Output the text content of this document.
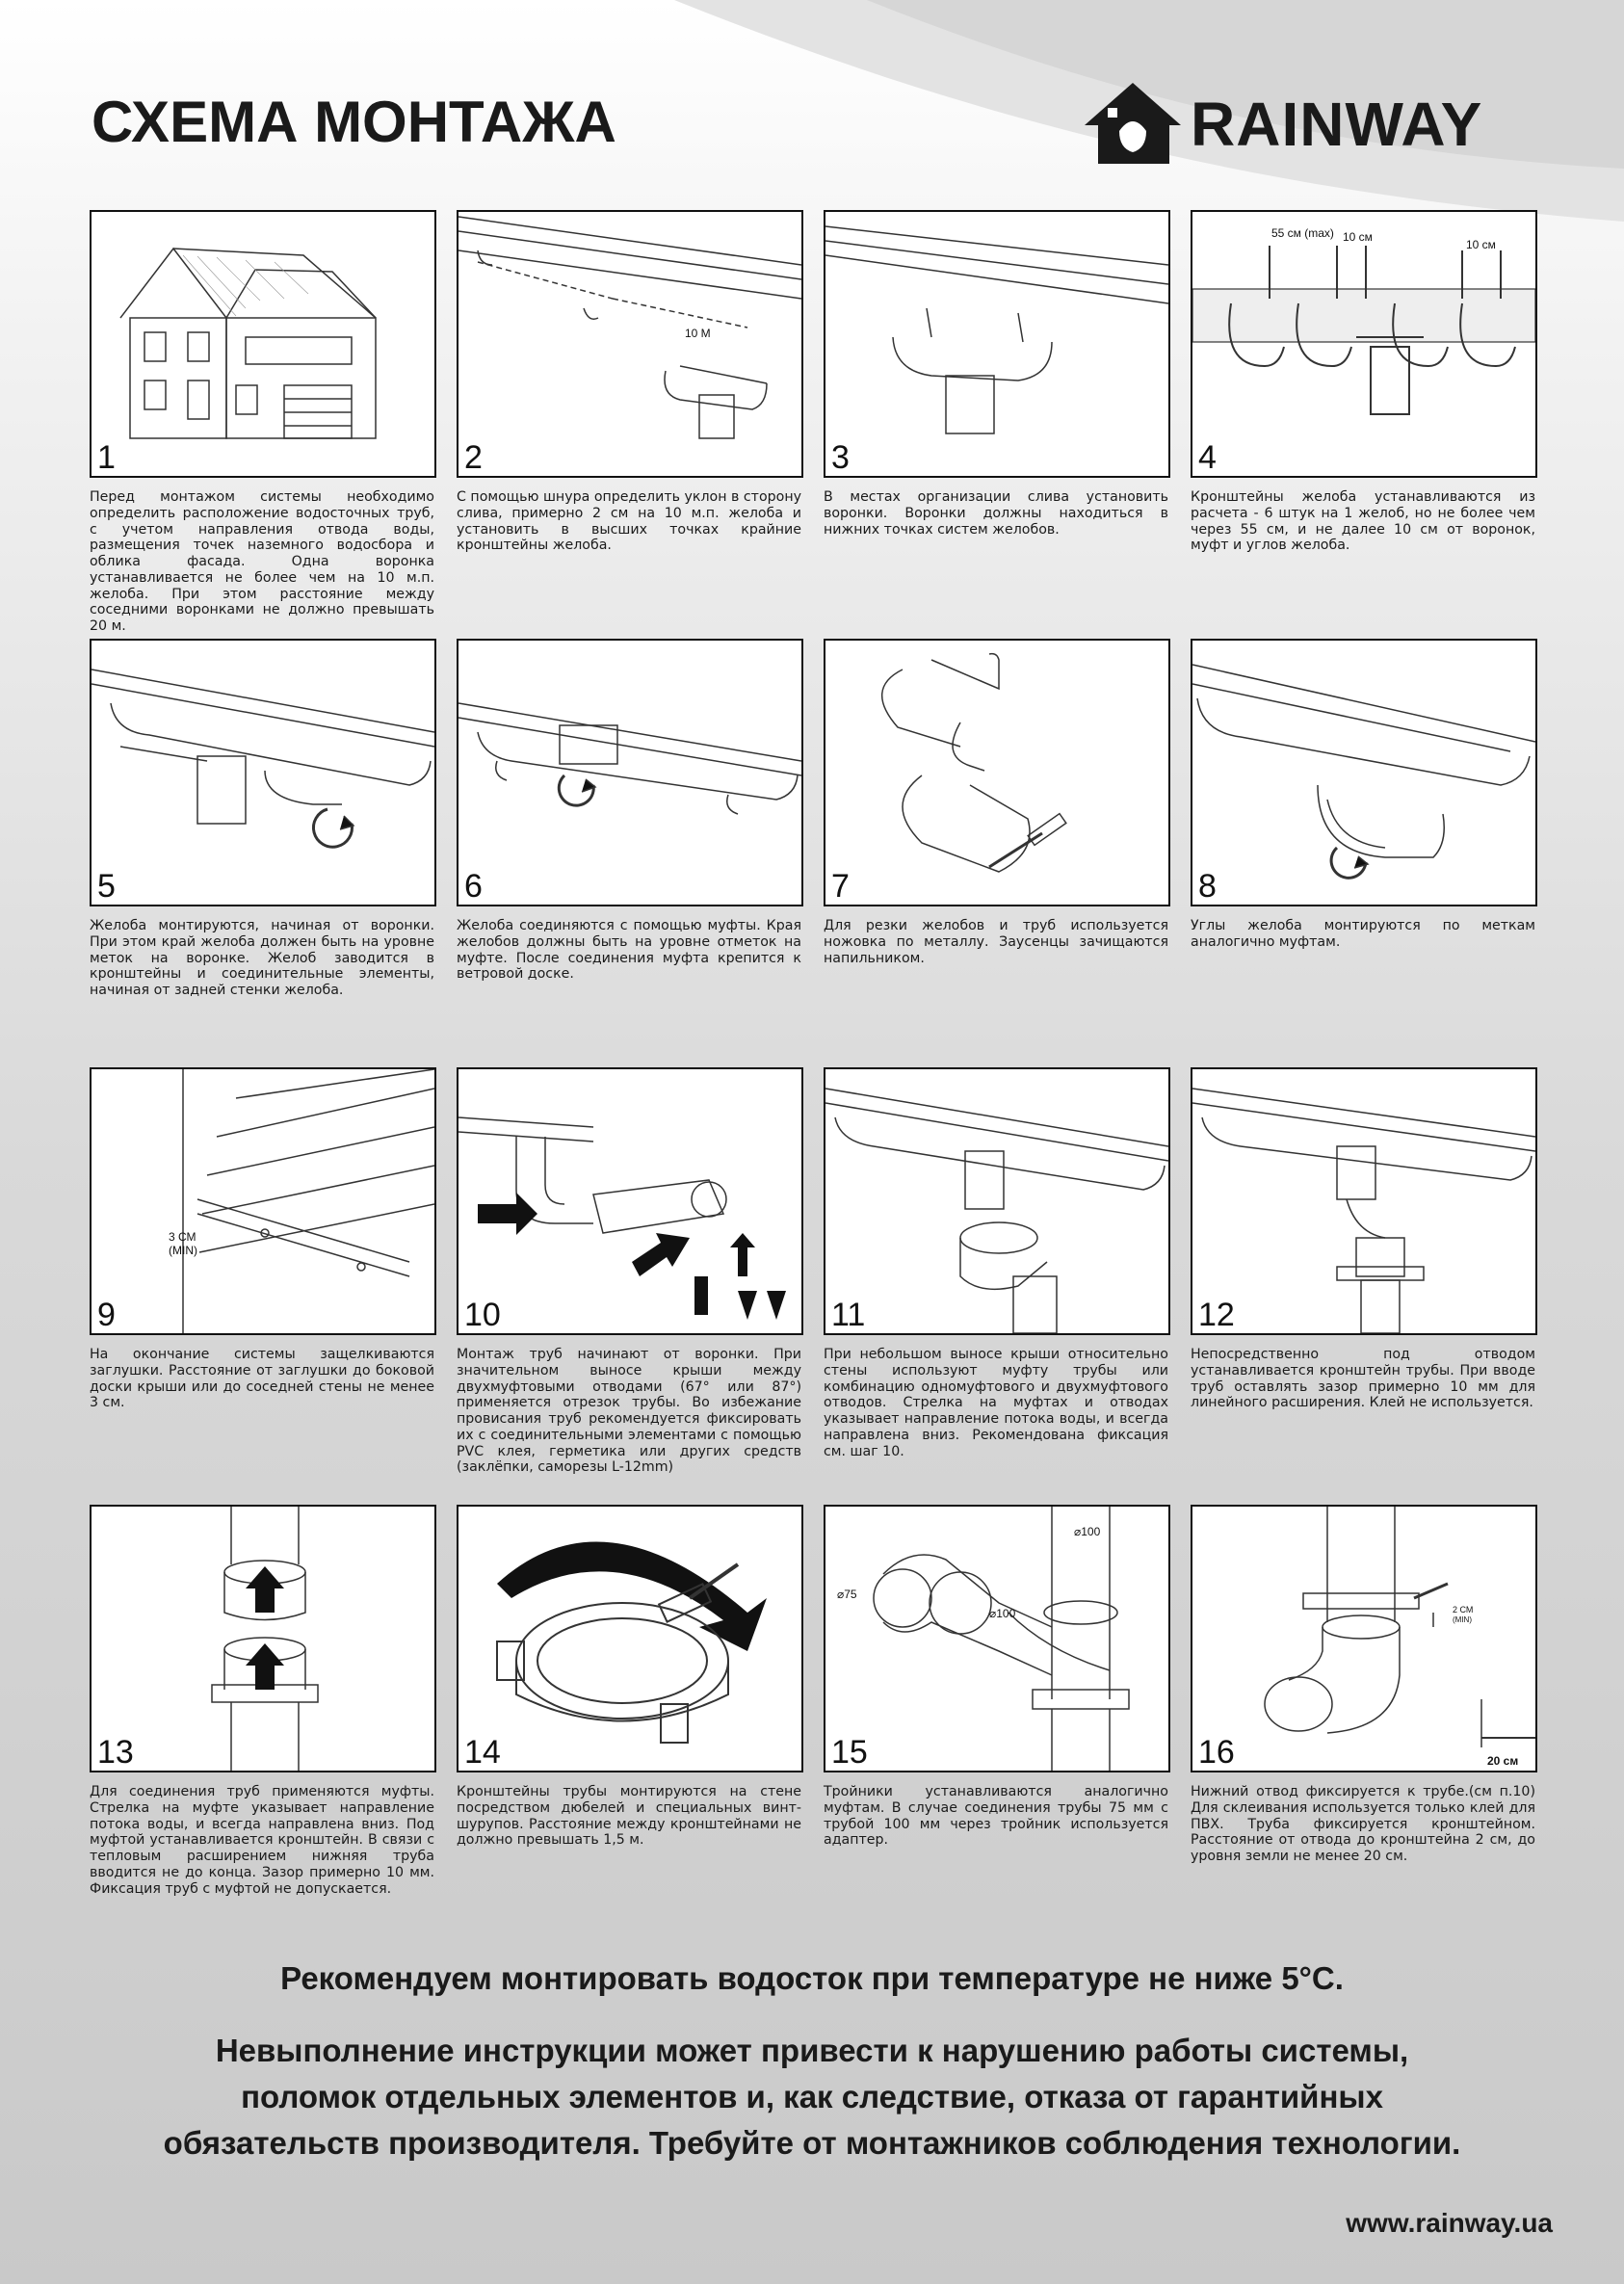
СХЕМА МОНТАЖА	RAINWAY
1

Перед монтажом системы необходимо определить расположение водосточных труб, с учетом направления отвода воды, размещения точек наземного водосбора и облика фасада. Одна воронка устанавливается не более чем на 10 м.п. желоба. При этом расстояние между соседними воронками не должно превышать 20 м.

10 М
2

С помощью шнура определить уклон в сторону слива, примерно 2 см на 10 м.п. желоба и установить в высших точках крайние кронштейны желоба.

3

В местах организации слива установить воронки. Воронки должны находиться в нижних точках систем желобов.

55 см (max) 10 см
10 см
4

Кронштейны желоба устанавливаются из расчета - 6 штук на 1 желоб, но не более чем через 55 см, и не далее 10 см от воронок, муфт и углов желоба.

5

Желоба монтируются, начиная от воронки. При этом край желоба должен быть на уровне меток на воронке. Желоб заводится в кронштейны и соединительные элементы, начиная от задней стенки желоба.

6

Желоба соединяются с помощью муфты. Края желобов должны быть на уровне отметок на муфте. После соединения муфта крепится к ветровой доске.

7

Для резки желобов и труб используется ножовка по металлу. Заусенцы зачищаются напильником.

8

Углы желоба монтируются по меткам аналогично муфтам.

3 СМ
(MIN)
9

На окончание системы защелкиваются заглушки. Расстояние от заглушки до боковой доски крыши или до соседней стены не менее 3 см.

10

Монтаж труб начинают от воронки. При значительном выносе крыши между двухмуфтовыми отводами (67° или 87°) применяется отрезок трубы. Во избежание провисания труб рекомендуется фиксировать их с соединительными элементами с помощью PVC клея, герметика или других средств (заклёпки, саморезы L-12mm)

11

При небольшом выносе крыши относительно стены используют муфту трубы или комбинацию одномуфтового и двухмуфтового отводов. Стрелка на муфтах и отводах указывает направление потока воды, и всегда направлена вниз. Рекомендована фиксация см. шаг 10.

12

Непосредственно под отводом устанавливается кронштейн трубы. При вводе труб оставлять зазор примерно 10 мм для линейного расширения. Клей не используется.

13

Для соединения труб применяются муфты. Стрелка на муфте указывает направление потока воды, и всегда направлена вниз. Под муфтой устанавливается кронштейн. В связи с тепловым расширением нижняя труба вводится не до конца. Зазор примерно 10 мм. Фиксация труб с муфтой не допускается.

14

Кронштейны трубы монтируются на стене посредством дюбелей и специальных винт-шурупов. Расстояние между кронштейнами не должно превышать 1,5 м.

⌀100
⌀75
⌀100
15

Тройники устанавливаются аналогично муфтам. В случае соединения трубы 75 мм с трубой 100 мм через тройник используется адаптер.

2 СМ
(MIN)
20 см
16

Нижний отвод фиксируется к трубе.(см п.10) Для склеивания используется только клей для ПВХ. Труба фиксируется кронштейном. Расстояние от отвода до кронштейна 2 см, до уровня земли не менее 20 см.

Рекомендуем монтировать водосток при температуре не ниже 5°С.

Невыполнение инструкции может привести к нарушению работы системы,
поломок отдельных элементов и, как следствие, отказа от гарантийных
обязательств производителя. Требуйте от монтажников соблюдения технологии.
www.rainway.ua
